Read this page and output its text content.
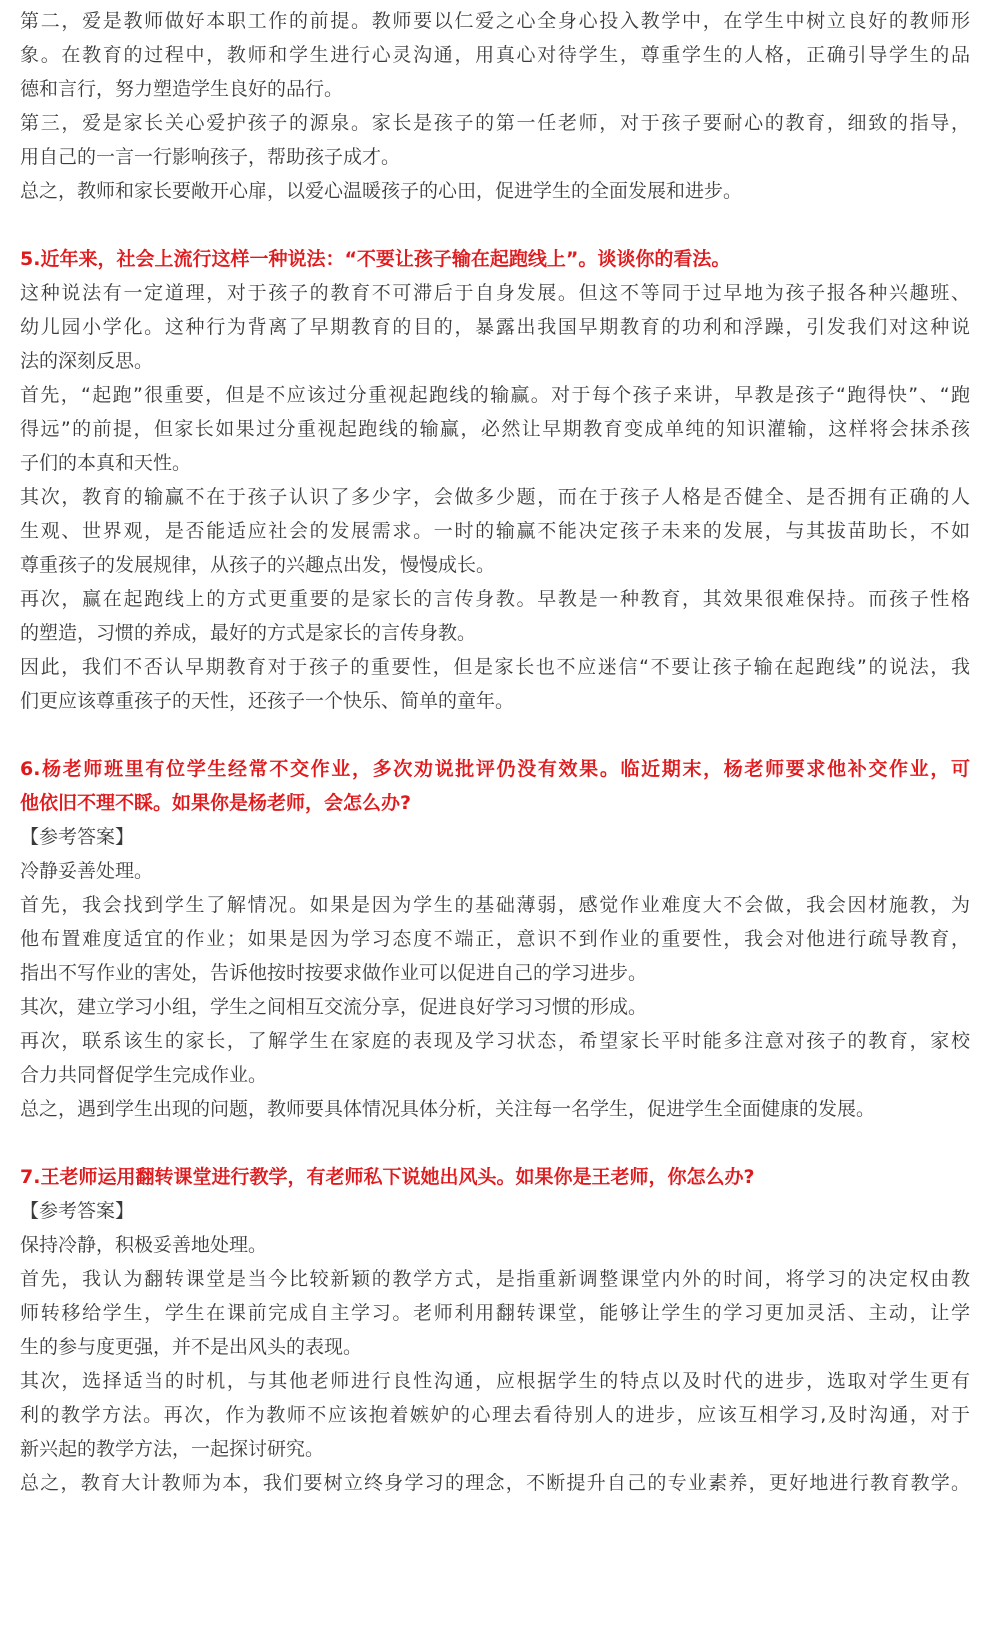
第二，爱是教师做好本职工作的前提。教师要以仁爱之心全身心投入教学中，在学生中树立良好的教师形
象。在教育的过程中，教师和学生进行心灵沟通，用真心对待学生，尊重学生的人格，正确引导学生的品
德和言行，努力塑造学生良好的品行。
第三，爱是家长关心爱护孩子的源泉。家长是孩子的第一任老师，对于孩子要耐心的教育，细致的指导，
用自己的一言一行影响孩子，帮助孩子成才。
总之，教师和家长要敞开心扉，以爱心温暖孩子的心田，促进学生的全面发展和进步。
5.近年来，社会上流行这样一种说法：“不要让孩子输在起跑线上”。谈谈你的看法。
这种说法有一定道理，对于孩子的教育不可滞后于自身发展。但这不等同于过早地为孩子报各种兴趣班、
幼儿园小学化。这种行为背离了早期教育的目的，暴露出我国早期教育的功利和浮躁，引发我们对这种说
法的深刻反思。
首先，“起跑”很重要，但是不应该过分重视起跑线的输赢。对于每个孩子来讲，早教是孩子“跑得快”、“跑
得远”的前提，但家长如果过分重视起跑线的输赢，必然让早期教育变成单纯的知识灌输，这样将会抹杀孩
子们的本真和天性。
其次，教育的输赢不在于孩子认识了多少字，会做多少题，而在于孩子人格是否健全、是否拥有正确的人
生观、世界观，是否能适应社会的发展需求。一时的输赢不能决定孩子未来的发展，与其拔苗助长，不如
尊重孩子的发展规律，从孩子的兴趣点出发，慢慢成长。
再次，赢在起跑线上的方式更重要的是家长的言传身教。早教是一种教育，其效果很难保持。而孩子性格
的塑造，习惯的养成，最好的方式是家长的言传身教。
因此，我们不否认早期教育对于孩子的重要性，但是家长也不应迷信“不要让孩子输在起跑线”的说法，我
们更应该尊重孩子的天性，还孩子一个快乐、简单的童年。
6.杨老师班里有位学生经常不交作业，多次劝说批评仍没有效果。临近期末，杨老师要求他补交作业，可
他依旧不理不睬。如果你是杨老师，会怎么办?
【参考答案】
冷静妥善处理。
首先，我会找到学生了解情况。如果是因为学生的基础薄弱，感觉作业难度大不会做，我会因材施教，为
他布置难度适宜的作业；如果是因为学习态度不端正，意识不到作业的重要性，我会对他进行疏导教育，
指出不写作业的害处，告诉他按时按要求做作业可以促进自己的学习进步。
其次，建立学习小组，学生之间相互交流分享，促进良好学习习惯的形成。
再次，联系该生的家长，了解学生在家庭的表现及学习状态，希望家长平时能多注意对孩子的教育，家校
合力共同督促学生完成作业。
总之，遇到学生出现的问题，教师要具体情况具体分析，关注每一名学生，促进学生全面健康的发展。
7.王老师运用翻转课堂进行教学，有老师私下说她出风头。如果你是王老师，你怎么办?
【参考答案】
保持冷静，积极妥善地处理。
首先，我认为翻转课堂是当今比较新颖的教学方式，是指重新调整课堂内外的时间，将学习的决定权由教
师转移给学生，学生在课前完成自主学习。老师利用翻转课堂，能够让学生的学习更加灵活、主动，让学
生的参与度更强，并不是出风头的表现。
其次，选择适当的时机，与其他老师进行良性沟通，应根据学生的特点以及时代的进步，选取对学生更有
利的教学方法。再次，作为教师不应该抱着嫉妒的心理去看待别人的进步，应该互相学习,及时沟通，对于
新兴起的教学方法，一起探讨研究。
总之，教育大计教师为本，我们要树立终身学习的理念，不断提升自己的专业素养，更好地进行教育教学。
